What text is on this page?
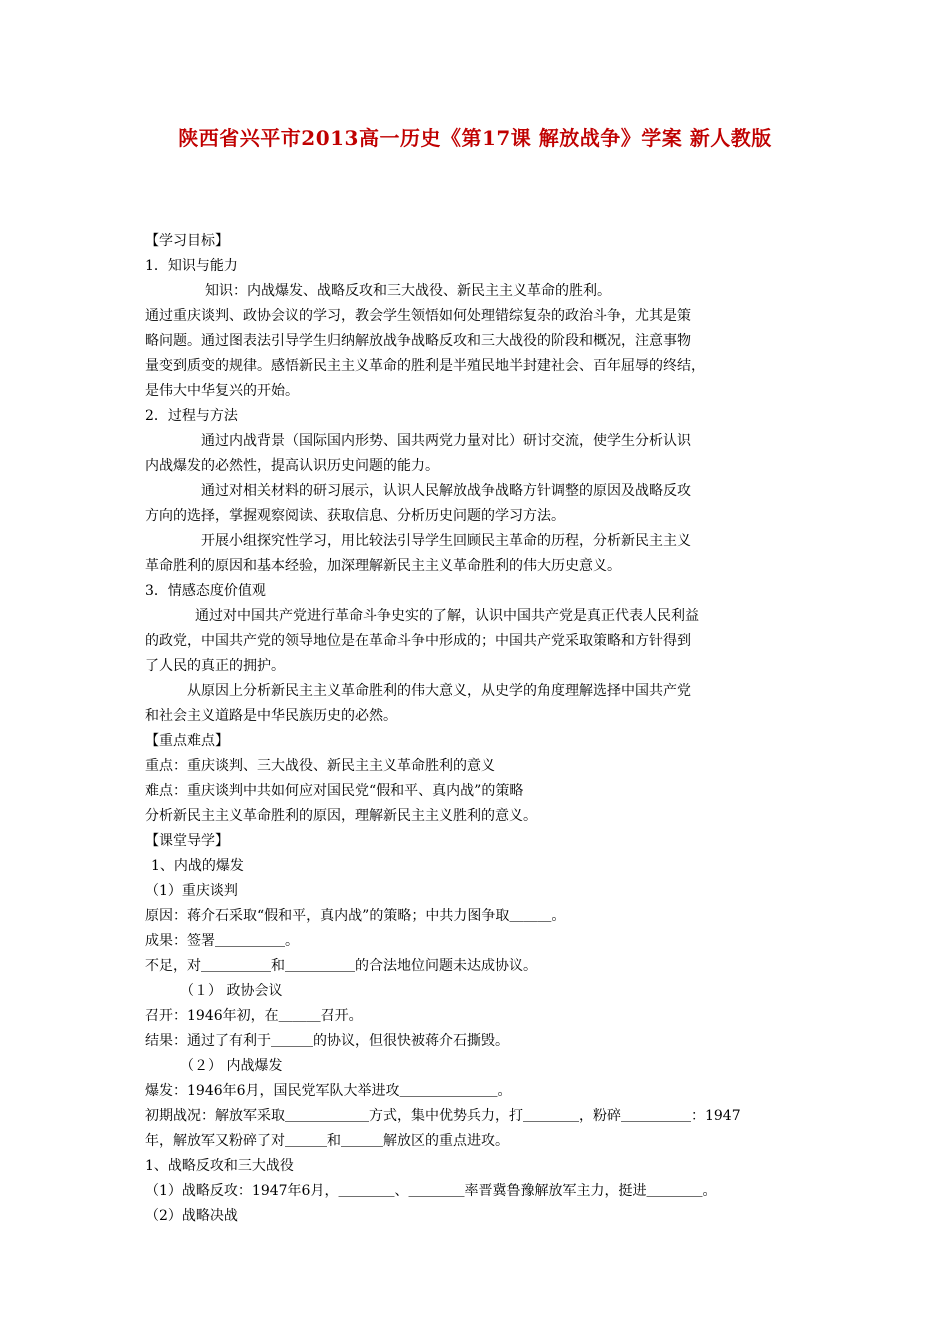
陕西省兴平市2013高一历史《第17课 解放战争》学案 新人教版

【学习目标】

1．知识与能力

知识：内战爆发、战略反攻和三大战役、新民主主义革命的胜利。

通过重庆谈判、政协会议的学习，教会学生领悟如何处理错综复杂的政治斗争，尤其是策

略问题。通过图表法引导学生归纳解放战争战略反攻和三大战役的阶段和概况，注意事物

量变到质变的规律。感悟新民主主义革命的胜利是半殖民地半封建社会、百年屈辱的终结，

是伟大中华复兴的开始。

2．过程与方法

通过内战背景（国际国内形势、国共两党力量对比）研讨交流，使学生分析认识

内战爆发的必然性，提高认识历史问题的能力。

通过对相关材料的研习展示，认识人民解放战争战略方针调整的原因及战略反攻

方向的选择，掌握观察阅读、获取信息、分析历史问题的学习方法。

开展小组探究性学习，用比较法引导学生回顾民主革命的历程，分析新民主主义

革命胜利的原因和基本经验，加深理解新民主主义革命胜利的伟大历史意义。

3．情感态度价值观

通过对中国共产党进行革命斗争史实的了解，认识中国共产党是真正代表人民利益

的政党，中国共产党的领导地位是在革命斗争中形成的；中国共产党采取策略和方针得到

了人民的真正的拥护。

从原因上分析新民主主义革命胜利的伟大意义，从史学的角度理解选择中国共产党

和社会主义道路是中华民族历史的必然。

【重点难点】

重点：重庆谈判、三大战役、新民主主义革命胜利的意义

难点：重庆谈判中共如何应对国民党“假和平、真内战”的策略

分析新民主主义革命胜利的原因，理解新民主主义胜利的意义。

【课堂导学】

1、内战的爆发

（1）重庆谈判

原因：蒋介石采取“假和平，真内战”的策略；中共力图争取＿＿＿。

成果：签署＿＿＿＿＿。

不足，对＿＿＿＿＿和＿＿＿＿＿的合法地位问题未达成协议。

（１） 政协会议

召开：1946年初，在＿＿＿召开。

结果：通过了有利于＿＿＿的协议，但很快被蒋介石撕毁。

（２） 内战爆发

爆发：1946年6月，国民党军队大举进攻＿＿＿＿＿＿＿。

初期战况：解放军采取＿＿＿＿＿＿方式，集中优势兵力，打＿＿＿＿，粉碎＿＿＿＿＿：1947

年，解放军又粉碎了对＿＿＿和＿＿＿解放区的重点进攻。

1、战略反攻和三大战役

（1）战略反攻：1947年6月，＿＿＿＿、＿＿＿＿率晋冀鲁豫解放军主力，挺进＿＿＿＿。

（2）战略决战
